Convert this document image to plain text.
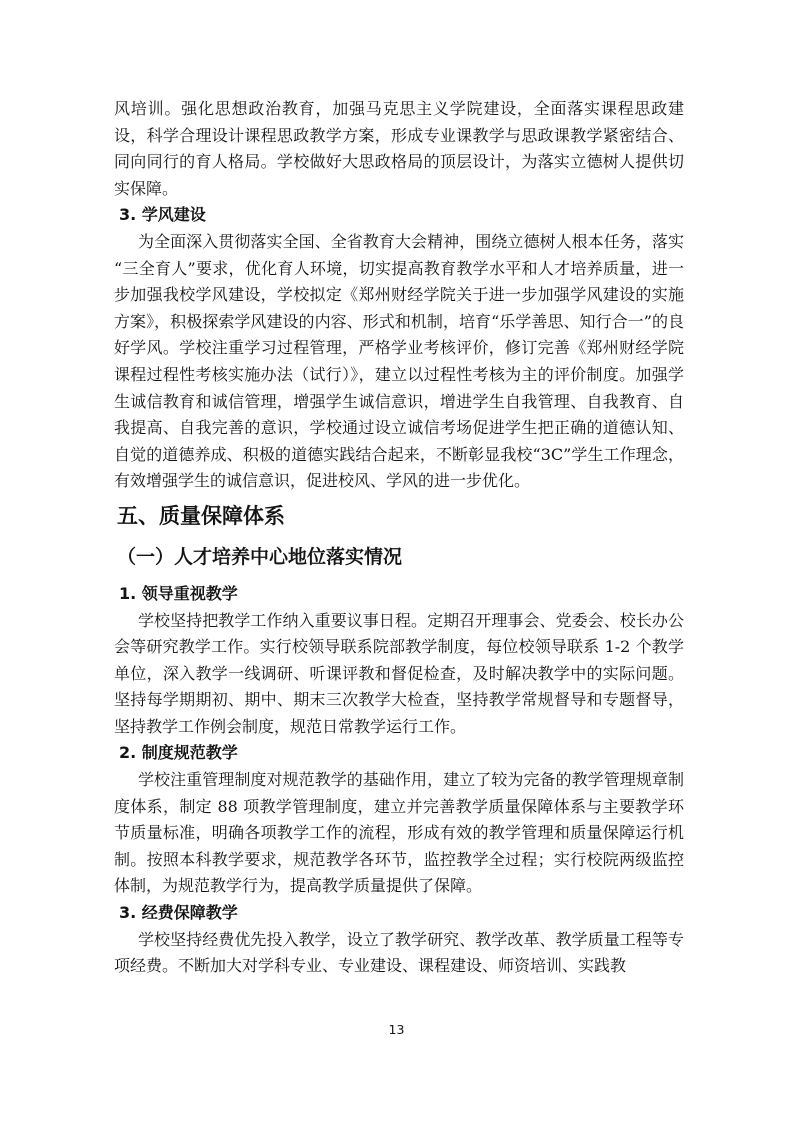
风培训。强化思想政治教育，加强马克思主义学院建设，全面落实课程思政建设，科学合理设计课程思政教学方案，形成专业课教学与思政课教学紧密结合、同向同行的育人格局。学校做好大思政格局的顶层设计，为落实立德树人提供切实保障。

3. 学风建设

为全面深入贯彻落实全国、全省教育大会精神，围绕立德树人根本任务，落实“三全育人”要求，优化育人环境，切实提高教育教学水平和人才培养质量，进一步加强我校学风建设，学校拟定《郑州财经学院关于进一步加强学风建设的实施方案》，积极探索学风建设的内容、形式和机制，培育“乐学善思、知行合一”的良好学风。学校注重学习过程管理，严格学业考核评价，修订完善《郑州财经学院课程过程性考核实施办法（试行）》，建立以过程性考核为主的评价制度。加强学生诚信教育和诚信管理，增强学生诚信意识，增进学生自我管理、自我教育、自我提高、自我完善的意识，学校通过设立诚信考场促进学生把正确的道德认知、自觉的道德养成、积极的道德实践结合起来，不断彰显我校“3C”学生工作理念，有效增强学生的诚信意识，促进校风、学风的进一步优化。

五、质量保障体系

（一）人才培养中心地位落实情况

1. 领导重视教学

学校坚持把教学工作纳入重要议事日程。定期召开理事会、党委会、校长办公会等研究教学工作。实行校领导联系院部教学制度，每位校领导联系 1-2 个教学单位，深入教学一线调研、听课评教和督促检查，及时解决教学中的实际问题。坚持每学期期初、期中、期末三次教学大检查，坚持教学常规督导和专题督导，坚持教学工作例会制度，规范日常教学运行工作。

2. 制度规范教学

学校注重管理制度对规范教学的基础作用，建立了较为完备的教学管理规章制度体系，制定 88 项教学管理制度，建立并完善教学质量保障体系与主要教学环节质量标准，明确各项教学工作的流程，形成有效的教学管理和质量保障运行机制。按照本科教学要求，规范教学各环节，监控教学全过程；实行校院两级监控体制，为规范教学行为，提高教学质量提供了保障。

3. 经费保障教学

学校坚持经费优先投入教学，设立了教学研究、教学改革、教学质量工程等专项经费。不断加大对学科专业、专业建设、课程建设、师资培训、实践教

13
